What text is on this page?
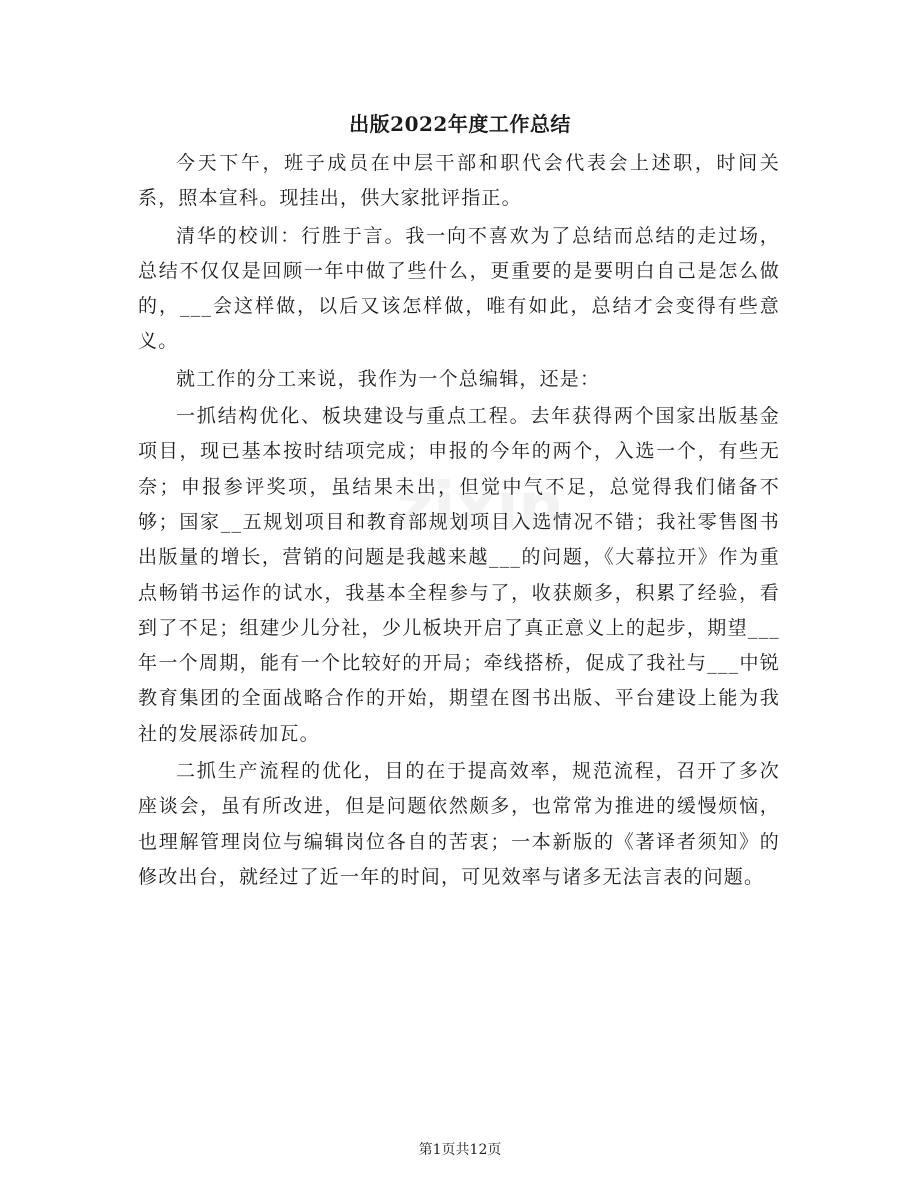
zixin
出版2022年度工作总结

今天下午，班子成员在中层干部和职代会代表会上述职，时间关系，照本宣科。现挂出，供大家批评指正。

清华的校训：行胜于言。我一向不喜欢为了总结而总结的走过场，总结不仅仅是回顾一年中做了些什么，更重要的是要明白自己是怎么做的，___会这样做，以后又该怎样做，唯有如此，总结才会变得有些意义。

就工作的分工来说，我作为一个总编辑，还是：

一抓结构优化、板块建设与重点工程。去年获得两个国家出版基金项目，现已基本按时结项完成；申报的今年的两个，入选一个，有些无奈；申报参评奖项，虽结果未出，但觉中气不足，总觉得我们储备不够；国家__五规划项目和教育部规划项目入选情况不错；我社零售图书出版量的增长，营销的问题是我越来越___的问题，《大幕拉开》作为重点畅销书运作的试水，我基本全程参与了，收获颇多，积累了经验，看到了不足；组建少儿分社，少儿板块开启了真正意义上的起步，期望___年一个周期，能有一个比较好的开局；牵线搭桥，促成了我社与___中锐教育集团的全面战略合作的开始，期望在图书出版、平台建设上能为我社的发展添砖加瓦。

二抓生产流程的优化，目的在于提高效率，规范流程，召开了多次座谈会，虽有所改进，但是问题依然颇多，也常常为推进的缓慢烦恼，也理解管理岗位与编辑岗位各自的苦衷；一本新版的《著译者须知》的修改出台，就经过了近一年的时间，可见效率与诸多无法言表的问题。

第1页共12页
